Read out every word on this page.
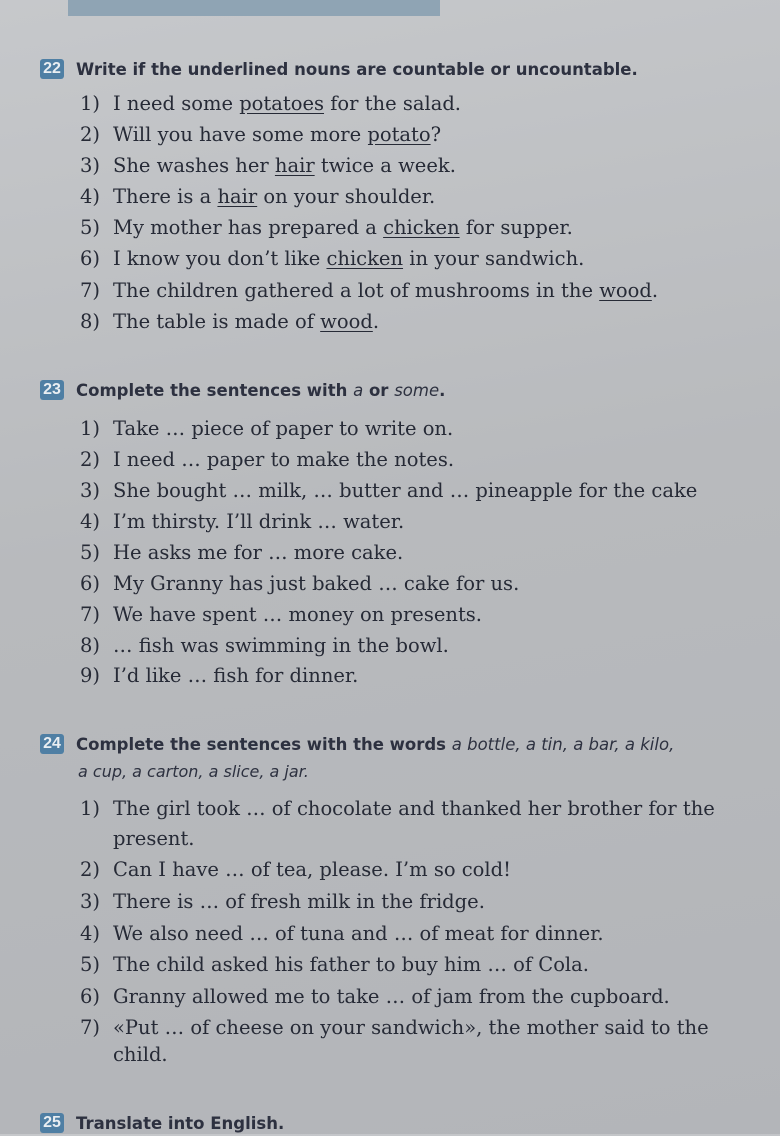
22 Write if the underlined nouns are countable or uncountable.
1) I need some potatoes for the salad.
2) Will you have some more potato?
3) She washes her hair twice a week.
4) There is a hair on your shoulder.
5) My mother has prepared a chicken for supper.
6) I know you don’t like chicken in your sandwich.
7) The children gathered a lot of mushrooms in the wood.
8) The table is made of wood.
23 Complete the sentences with a or some.
1) Take … piece of paper to write on.
2) I need … paper to make the notes.
3) She bought … milk, … butter and … pineapple for the cake
4) I’m thirsty. I’ll drink … water.
5) He asks me for … more cake.
6) My Granny has just baked … cake for us.
7) We have spent … money on presents.
8) … fish was swimming in the bowl.
9) I’d like … fish for dinner.
24 Complete the sentences with the words a bottle, a tin, a bar, a kilo,
a cup, a carton, a slice, a jar.
1) The girl took … of chocolate and thanked her brother for the
present.
2) Can I have … of tea, please. I’m so cold!
3) There is … of fresh milk in the fridge.
4) We also need … of tuna and … of meat for dinner.
5) The child asked his father to buy him … of Cola.
6) Granny allowed me to take … of jam from the cupboard.
7) «Put … of cheese on your sandwich», the mother said to the
child.
25 Translate into English.
